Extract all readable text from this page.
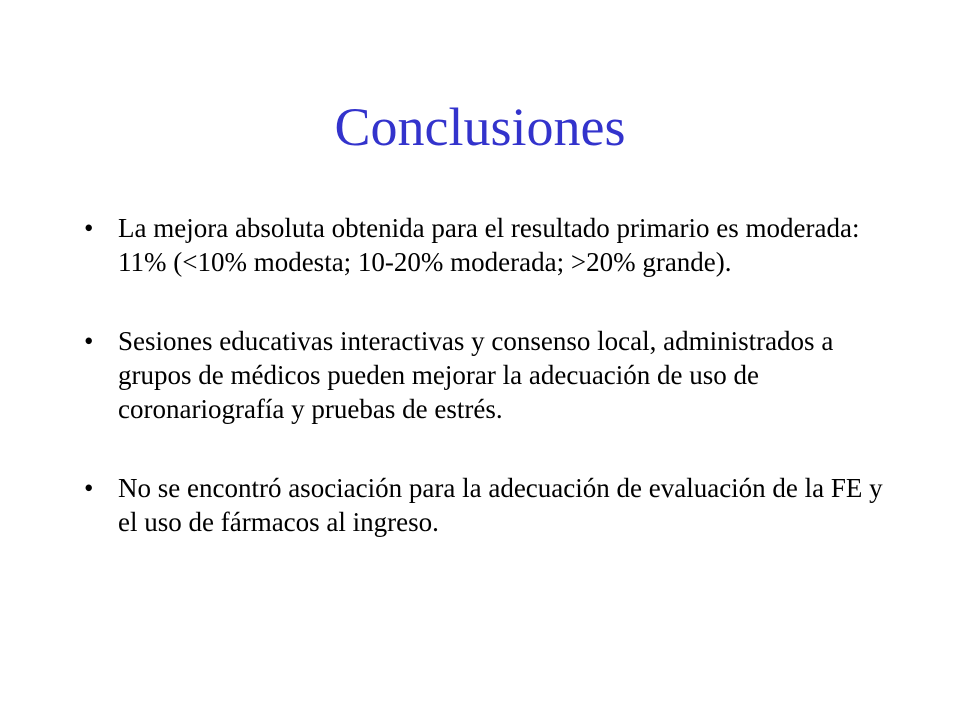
Conclusiones
• La mejora absoluta obtenida para el resultado primario es moderada: 11% (<10% modesta; 10-20% moderada; >20% grande).
• Sesiones educativas interactivas y consenso local, administrados a grupos de médicos pueden mejorar la adecuación de uso de coronariografía y pruebas de estrés.
• No se encontró asociación para la adecuación de evaluación de la FE y el uso de fármacos al ingreso.
